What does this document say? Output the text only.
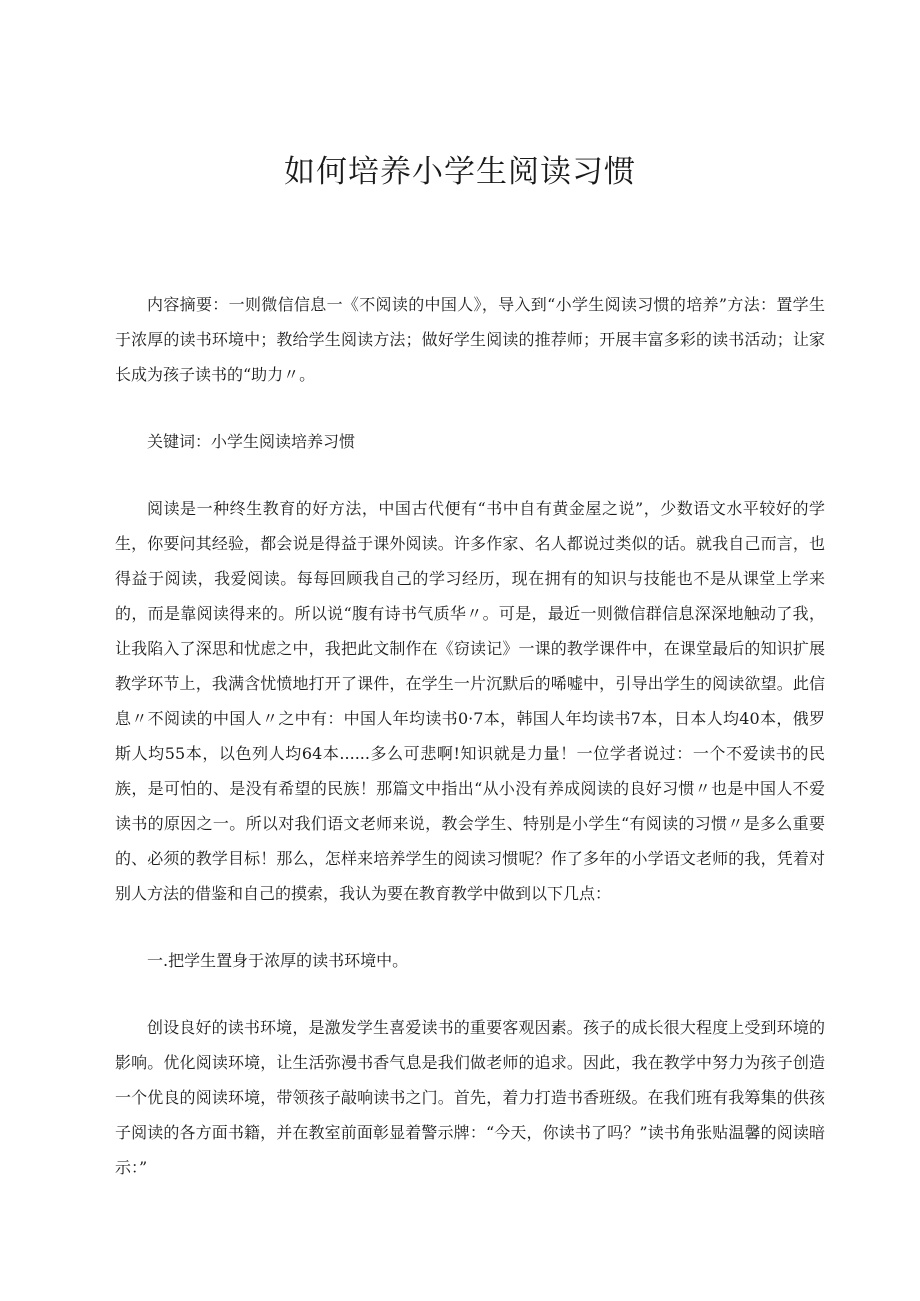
如何培养小学生阅读习惯

内容摘要：一则微信信息一《不阅读的中国人》，导入到“小学生阅读习惯的培养”方法：置学生于浓厚的读书环境中；教给学生阅读方法；做好学生阅读的推荐师；开展丰富多彩的读书活动；让家长成为孩子读书的“助力〃。

关键词：小学生阅读培养习惯

阅读是一种终生教育的好方法，中国古代便有“书中自有黄金屋之说”，少数语文水平较好的学生，你要问其经验，都会说是得益于课外阅读。许多作家、名人都说过类似的话。就我自己而言，也得益于阅读，我爱阅读。每每回顾我自己的学习经历，现在拥有的知识与技能也不是从课堂上学来的，而是靠阅读得来的。所以说“腹有诗书气质华〃。可是，最近一则微信群信息深深地触动了我，让我陷入了深思和忧虑之中，我把此文制作在《窃读记》一课的教学课件中，在课堂最后的知识扩展教学环节上，我满含忧愤地打开了课件，在学生一片沉默后的唏嘘中，引导出学生的阅读欲望。此信息〃不阅读的中国人〃之中有：中国人年均读书0·7本，韩国人年均读书7本，日本人均40本，俄罗斯人均55本，以色列人均64本......多么可悲啊!知识就是力量！一位学者说过：一个不爱读书的民族，是可怕的、是没有希望的民族！那篇文中指出“从小没有养成阅读的良好习惯〃也是中国人不爱读书的原因之一。所以对我们语文老师来说，教会学生、特别是小学生“有阅读的习惯〃是多么重要的、必须的教学目标！那么，怎样来培养学生的阅读习惯呢？作了多年的小学语文老师的我，凭着对别人方法的借鉴和自己的摸索，我认为要在教育教学中做到以下几点：

一.把学生置身于浓厚的读书环境中。

创设良好的读书环境，是激发学生喜爱读书的重要客观因素。孩子的成长很大程度上受到环境的影响。优化阅读环境，让生活弥漫书香气息是我们做老师的追求。因此，我在教学中努力为孩子创造一个优良的阅读环境，带领孩子敲响读书之门。首先，着力打造书香班级。在我们班有我筹集的供孩子阅读的各方面书籍，并在教室前面彰显着警示牌：“今天，你读书了吗？”读书角张贴温馨的阅读暗示：”
